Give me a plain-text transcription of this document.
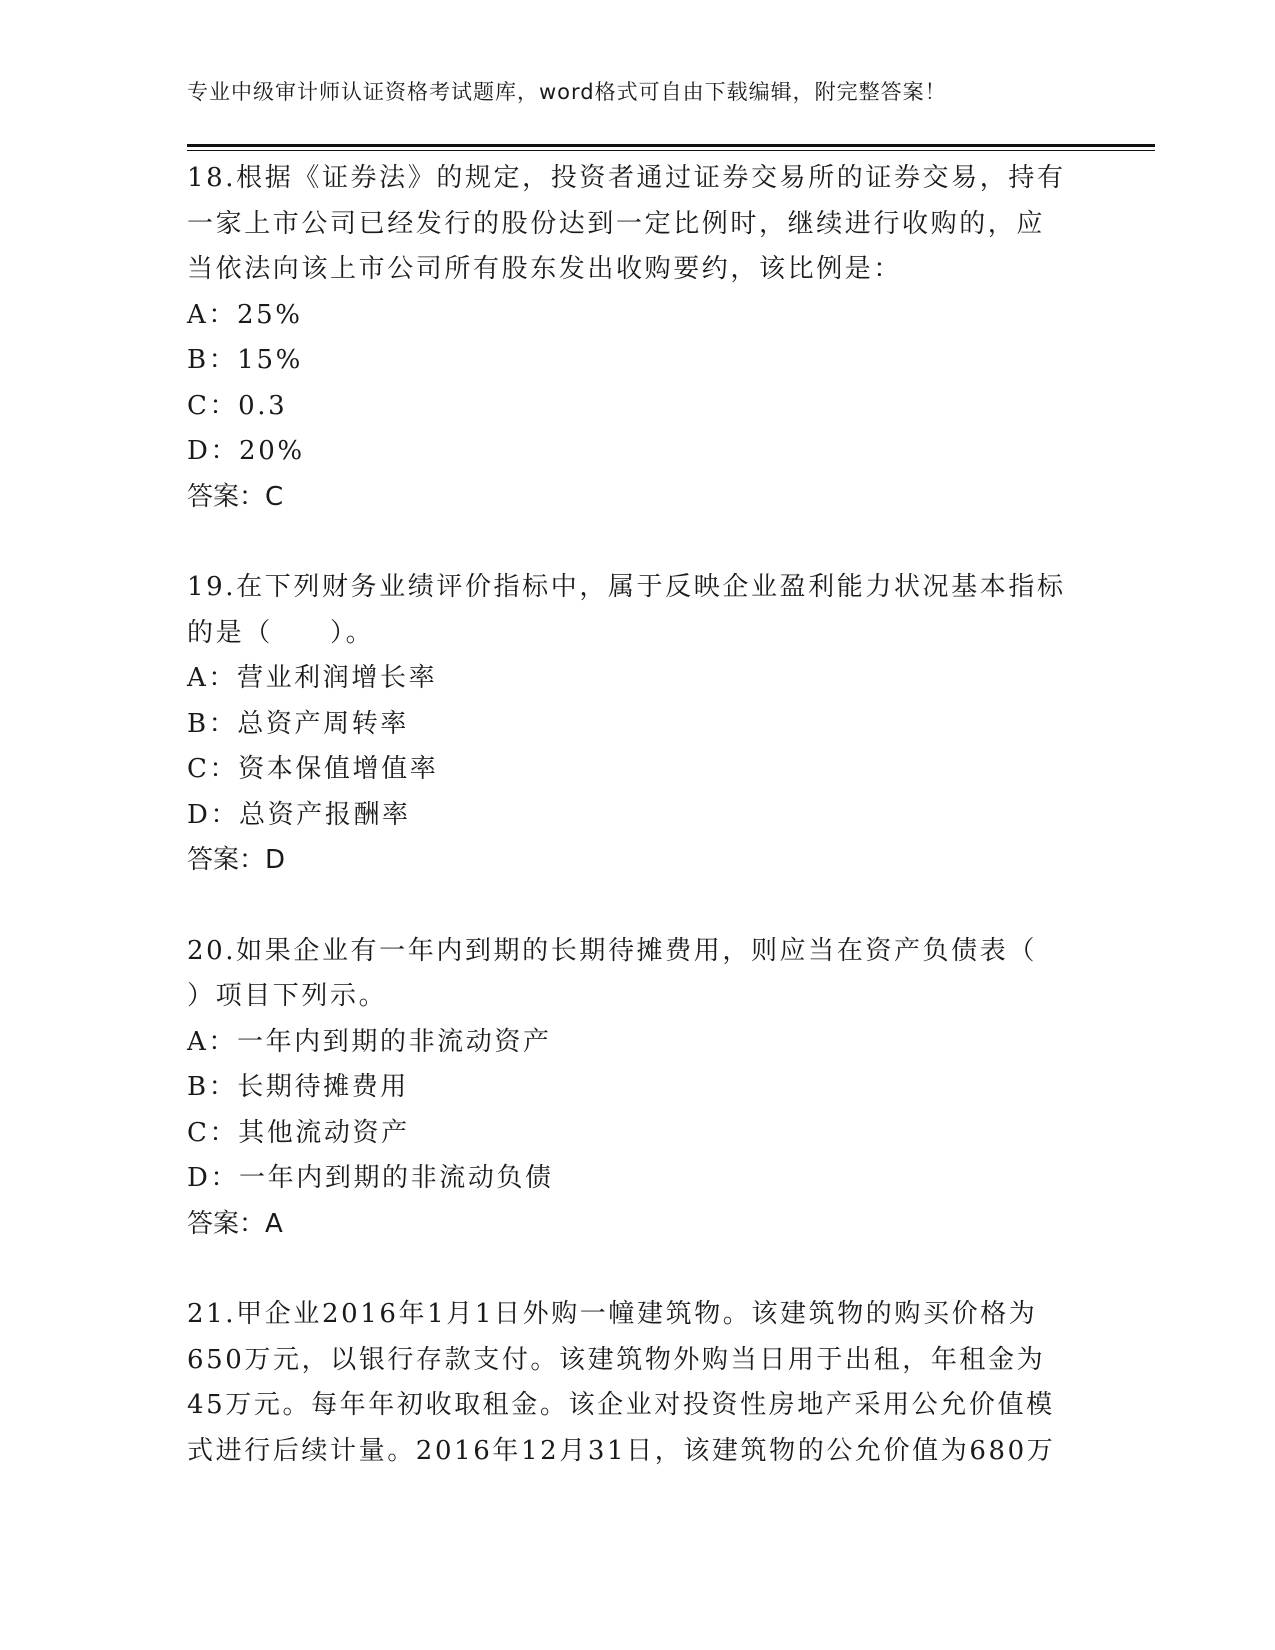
专业中级审计师认证资格考试题库，word格式可自由下载编辑，附完整答案！
18.根据《证券法》的规定，投资者通过证券交易所的证券交易，持有
一家上市公司已经发行的股份达到一定比例时，继续进行收购的，应
当依法向该上市公司所有股东发出收购要约，该比例是：
A：25%
B：15%
C：0.3
D：20%
答案：C
19.在下列财务业绩评价指标中，属于反映企业盈利能力状况基本指标
的是（　　）。
A：营业利润增长率
B：总资产周转率
C：资本保值增值率
D：总资产报酬率
答案：D
20.如果企业有一年内到期的长期待摊费用，则应当在资产负债表（
）项目下列示。
A：一年内到期的非流动资产
B：长期待摊费用
C：其他流动资产
D：一年内到期的非流动负债
答案：A
21.甲企业2016年1月1日外购一幢建筑物。该建筑物的购买价格为
650万元，以银行存款支付。该建筑物外购当日用于出租，年租金为
45万元。每年年初收取租金。该企业对投资性房地产采用公允价值模
式进行后续计量。2016年12月31日，该建筑物的公允价值为680万
